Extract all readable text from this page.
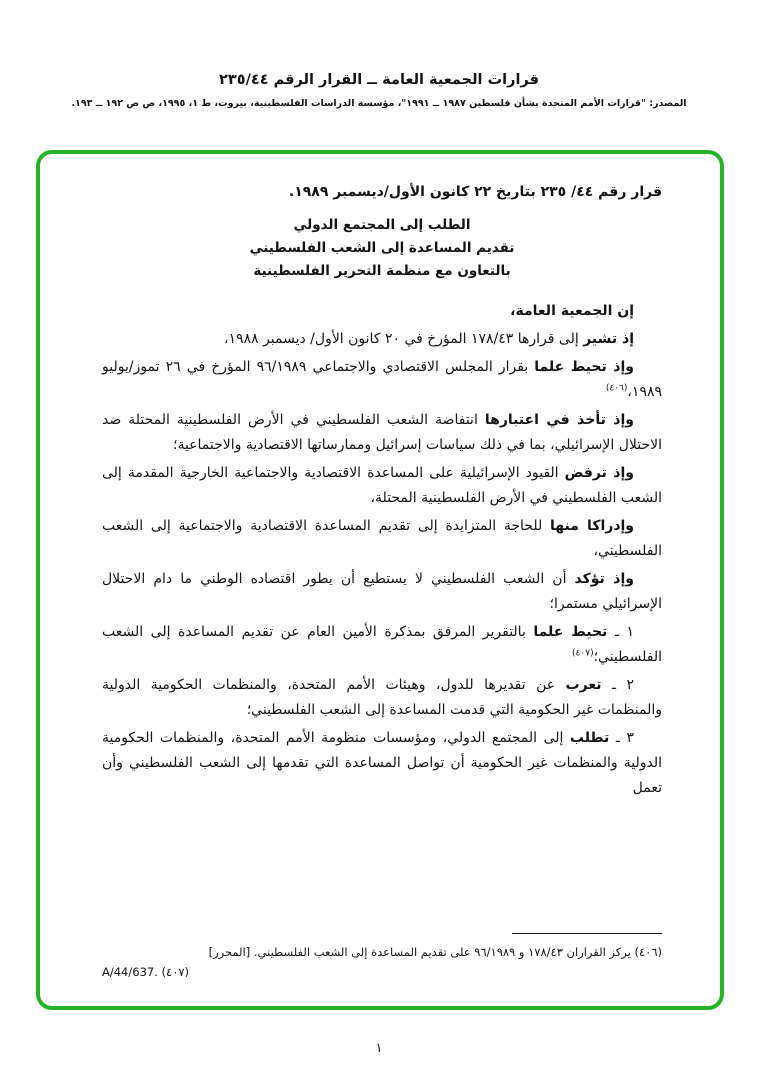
قرارات الجمعية العامة ــ القرار الرقم ٢٣٥/٤٤
المصدر: "قرارات الأمم المتحدة بشأن فلسطين ١٩٨٧ ــ ١٩٩١"، مؤسسة الدراسات الفلسطينية، بيروت، ط ١، ١٩٩٥، ص ص ١٩٢ ــ ١٩٣.
قرار رقم ٤٤/ ٢٣٥ بتاريخ ٢٢ كانون الأول/ديسمبر ١٩٨٩.
الطلب إلى المجتمع الدولي
تقديم المساعدة إلى الشعب الفلسطيني
بالتعاون مع منظمة التحرير الفلسطينية

إن الجمعية العامة،

إذ تشير إلى قرارها ١٧٨/٤٣ المؤرخ في ٢٠ كانون الأول/ ديسمبر ١٩٨٨،

وإذ تحيط علما بقرار المجلس الاقتصادي والاجتماعي ٩٦/١٩٨٩ المؤرخ في ٢٦ تموز/يوليو ١٩٨٩،$^{(٤٠٦)}$

وإذ تأخذ في اعتبارها انتفاضة الشعب الفلسطيني في الأرض الفلسطينية المحتلة ضد الاحتلال الإسرائيلي، بما في ذلك سياسات إسرائيل وممارساتها الاقتصادية والاجتماعية؛

وإذ ترفض القيود الإسرائيلية على المساعدة الاقتصادية والاجتماعية الخارجية المقدمة إلى الشعب الفلسطيني في الأرض الفلسطينية المحتلة،

وإدراكا منها للحاجة المتزايدة إلى تقديم المساعدة الاقتصادية والاجتماعية إلى الشعب الفلسطيني،

وإذ تؤكد أن الشعب الفلسطيني لا يستطيع أن يطور اقتصاده الوطني ما دام الاحتلال الإسرائيلي مستمرا؛

١ ـ تحيط علما بالتقرير المرفق بمذكرة الأمين العام عن تقديم المساعدة إلى الشعب الفلسطيني؛$^{(٤٠٧)}$

٢ ـ تعرب عن تقديرها للدول، وهيئات الأمم المتحدة، والمنظمات الحكومية الدولية والمنظمات غير الحكومية التي قدمت المساعدة إلى الشعب الفلسطيني؛

٣ ـ تطلب إلى المجتمع الدولي، ومؤسسات منظومة الأمم المتحدة، والمنظمات الحكومية الدولية والمنظمات غير الحكومية أن تواصل المساعدة التي تقدمها إلى الشعب الفلسطيني وأن تعمل

(٤٠٦) يركز القراران ١٧٨/٤٣ و ٩٦/١٩٨٩ على تقديم المساعدة إلى الشعب الفلسطيني. [المحرر]

(٤٠٧) A/44/637.‎

١
